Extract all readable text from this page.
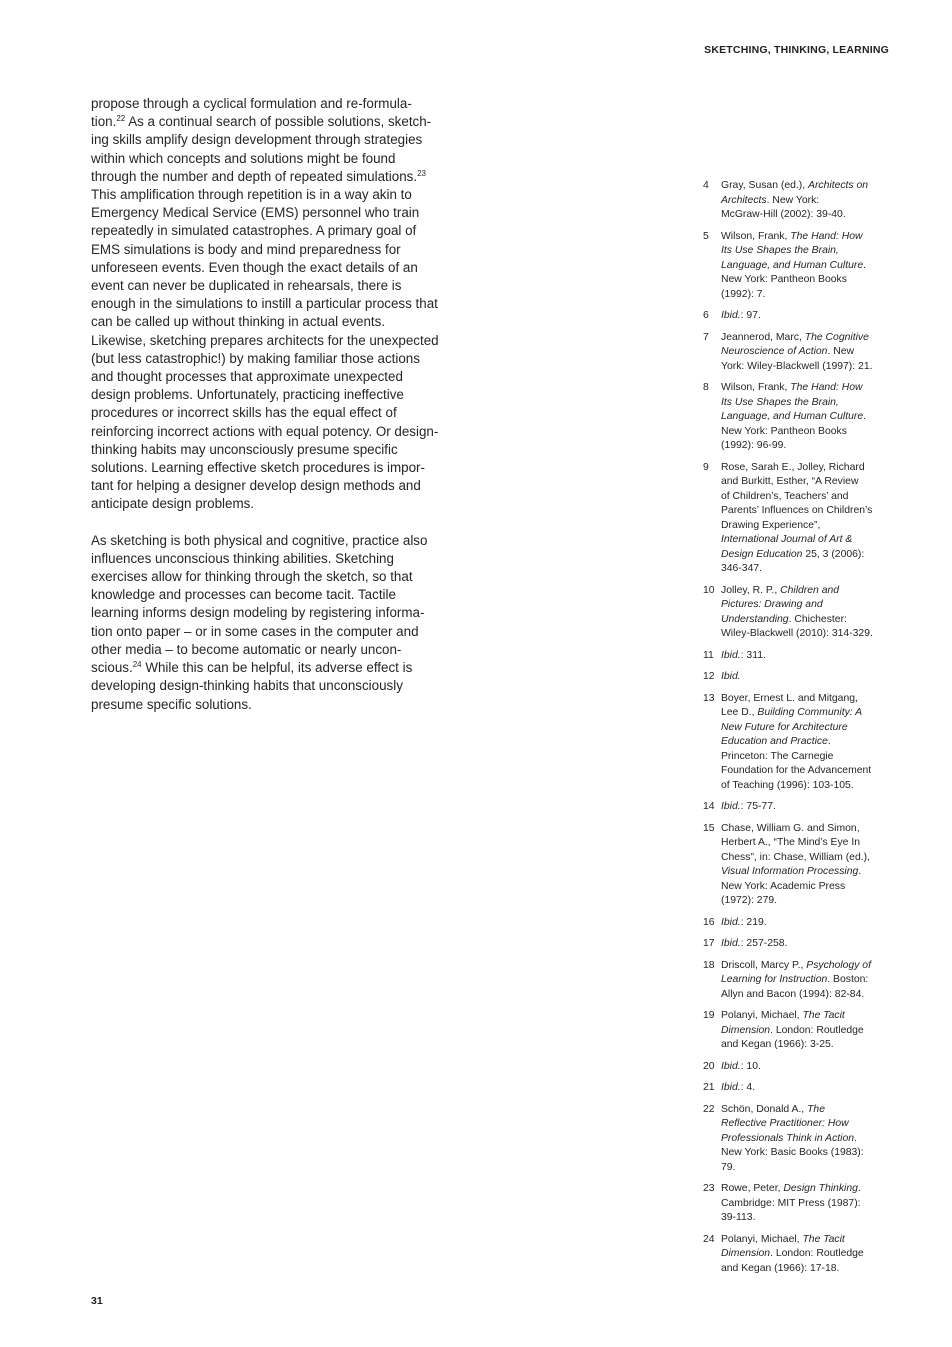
SKETCHING, THINKING, LEARNING

propose through a cyclical formulation and re-formula-
tion.$^{22}$ As a continual search of possible solutions, sketch-
ing skills amplify design development through strategies
within which concepts and solutions might be found
through the number and depth of repeated simulations.$^{23}$
This amplification through repetition is in a way akin to
Emergency Medical Service (EMS) personnel who train
repeatedly in simulated catastrophes. A primary goal of
EMS simulations is body and mind preparedness for
unforeseen events. Even though the exact details of an
event can never be duplicated in rehearsals, there is
enough in the simulations to instill a particular process that
can be called up without thinking in actual events.
Likewise, sketching prepares architects for the unexpected
(but less catastrophic!) by making familiar those actions
and thought processes that approximate unexpected
design problems. Unfortunately, practicing ineffective
procedures or incorrect skills has the equal effect of
reinforcing incorrect actions with equal potency. Or design-
thinking habits may unconsciously presume specific
solutions. Learning effective sketch procedures is impor-
tant for helping a designer develop design methods and
anticipate design problems.

As sketching is both physical and cognitive, practice also
influences unconscious thinking abilities. Sketching
exercises allow for thinking through the sketch, so that
knowledge and processes can become tacit. Tactile
learning informs design modeling by registering informa-
tion onto paper – or in some cases in the computer and
other media – to become automatic or nearly uncon-
scious.$^{24}$ While this can be helpful, its adverse effect is
developing design-thinking habits that unconsciously
presume specific solutions.

4	Gray, Susan (ed.), Architects on
Architects. New York:
McGraw-Hill (2002): 39-40.
5	Wilson, Frank, The Hand: How
Its Use Shapes the Brain,
Language, and Human Culture.
New York: Pantheon Books
(1992): 7.
6	Ibid.: 97.
7	Jeannerod, Marc, The Cognitive
Neuroscience of Action. New
York: Wiley-Blackwell (1997): 21.
8	Wilson, Frank, The Hand: How
Its Use Shapes the Brain,
Language, and Human Culture.
New York: Pantheon Books
(1992): 96-99.
9	Rose, Sarah E., Jolley, Richard
and Burkitt, Esther, “A Review
of Children’s, Teachers’ and
Parents’ Influences on Children’s
Drawing Experience”,
International Journal of Art &
Design Education 25, 3 (2006):
346-347.
10 Jolley, R. P., Children and
Pictures: Drawing and
Understanding. Chichester:
Wiley-Blackwell (2010): 314-329.
11 Ibid.: 311.
12 Ibid.
13 Boyer, Ernest L. and Mitgang,
Lee D., Building Community: A
New Future for Architecture
Education and Practice.
Princeton: The Carnegie
Foundation for the Advancement
of Teaching (1996): 103-105.
14 Ibid.: 75-77.
15 Chase, William G. and Simon,
Herbert A., “The Mind’s Eye In
Chess”, in: Chase, William (ed.),
Visual Information Processing.
New York: Academic Press
(1972): 279.
16 Ibid.: 219.
17 Ibid.: 257-258.
18 Driscoll, Marcy P., Psychology of
Learning for Instruction. Boston:
Allyn and Bacon (1994): 82-84.
19 Polanyi, Michael, The Tacit
Dimension. London: Routledge
and Kegan (1966): 3-25.
20 Ibid.: 10.
21 Ibid.: 4.
22 Schön, Donald A., The
Reflective Practitioner: How
Professionals Think in Action.
New York: Basic Books (1983):
79.
23 Rowe, Peter, Design Thinking.
Cambridge: MIT Press (1987):
39-113.
24 Polanyi, Michael, The Tacit
Dimension. London: Routledge
and Kegan (1966): 17-18.
31
